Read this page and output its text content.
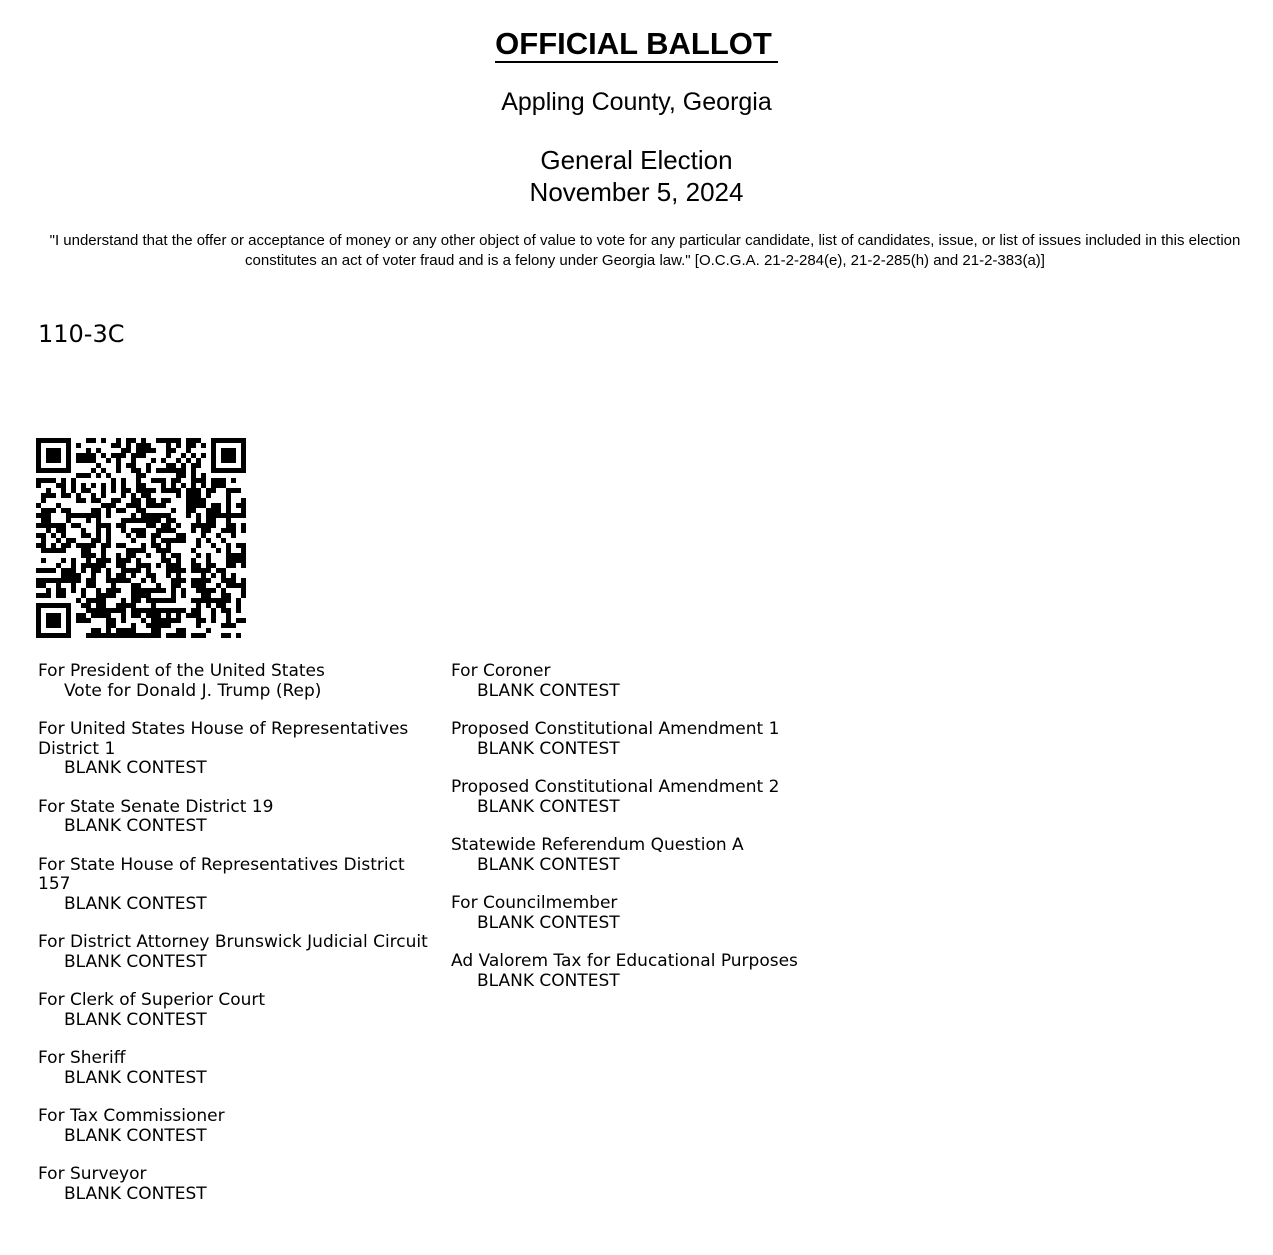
OFFICIAL BALLOT
Appling County, Georgia
General Election
November 5, 2024
"I understand that the offer or acceptance of money or any other object of value to vote for any particular candidate, list of candidates, issue, or list of issues included in this election constitutes an act of voter fraud and is a felony under Georgia law." [O.C.G.A. 21-2-284(e), 21-2-285(h) and 21-2-383(a)]
110-3C
For President of the United States
Vote for Donald J. Trump (Rep)
For United States House of Representatives District 1
BLANK CONTEST
For State Senate District 19
BLANK CONTEST
For State House of Representatives District 157
BLANK CONTEST
For District Attorney Brunswick Judicial Circuit
BLANK CONTEST
For Clerk of Superior Court
BLANK CONTEST
For Sheriff
BLANK CONTEST
For Tax Commissioner
BLANK CONTEST
For Surveyor
BLANK CONTEST
For Coroner
BLANK CONTEST
Proposed Constitutional Amendment 1
BLANK CONTEST
Proposed Constitutional Amendment 2
BLANK CONTEST
Statewide Referendum Question A
BLANK CONTEST
For Councilmember
BLANK CONTEST
Ad Valorem Tax for Educational Purposes
BLANK CONTEST
